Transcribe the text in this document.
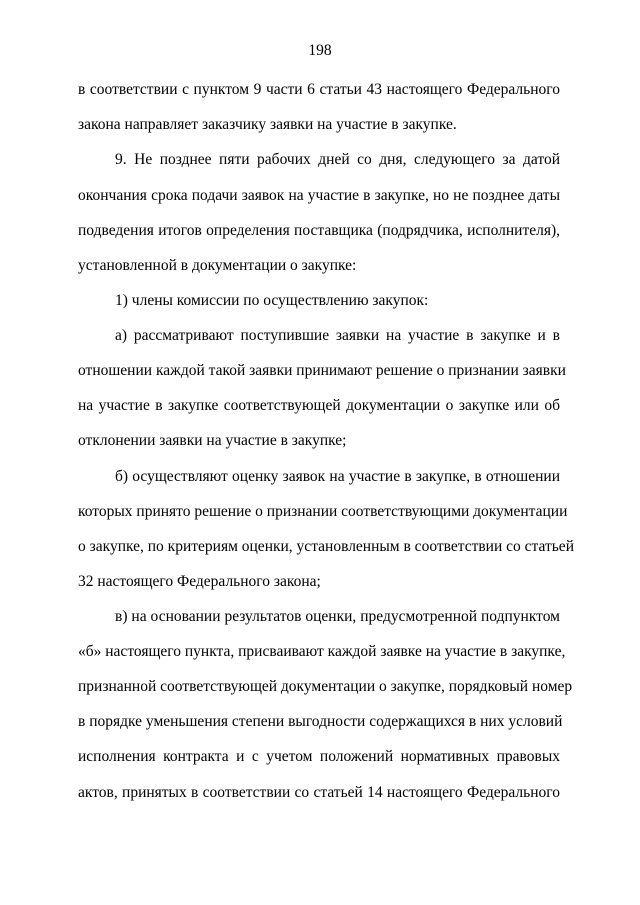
198
в соответствии с пунктом 9 части 6 статьи 43 настоящего Федерального
закона направляет заказчику заявки на участие в закупке.
9. Не позднее пяти рабочих дней со дня, следующего за датой
окончания срока подачи заявок на участие в закупке, но не позднее даты
подведения итогов определения поставщика (подрядчика, исполнителя),
установленной в документации о закупке:
1) члены комиссии по осуществлению закупок:
а) рассматривают поступившие заявки на участие в закупке и в
отношении каждой такой заявки принимают решение о признании заявки
на участие в закупке соответствующей документации о закупке или об
отклонении заявки на участие в закупке;
б) осуществляют оценку заявок на участие в закупке, в отношении
которых принято решение о признании соответствующими документации
о закупке, по критериям оценки, установленным в соответствии со статьей
32 настоящего Федерального закона;
в) на основании результатов оценки, предусмотренной подпунктом
«б» настоящего пункта, присваивают каждой заявке на участие в закупке,
признанной соответствующей документации о закупке, порядковый номер
в порядке уменьшения степени выгодности содержащихся в них условий
исполнения контракта и с учетом положений нормативных правовых
актов, принятых в соответствии со статьей 14 настоящего Федерального
